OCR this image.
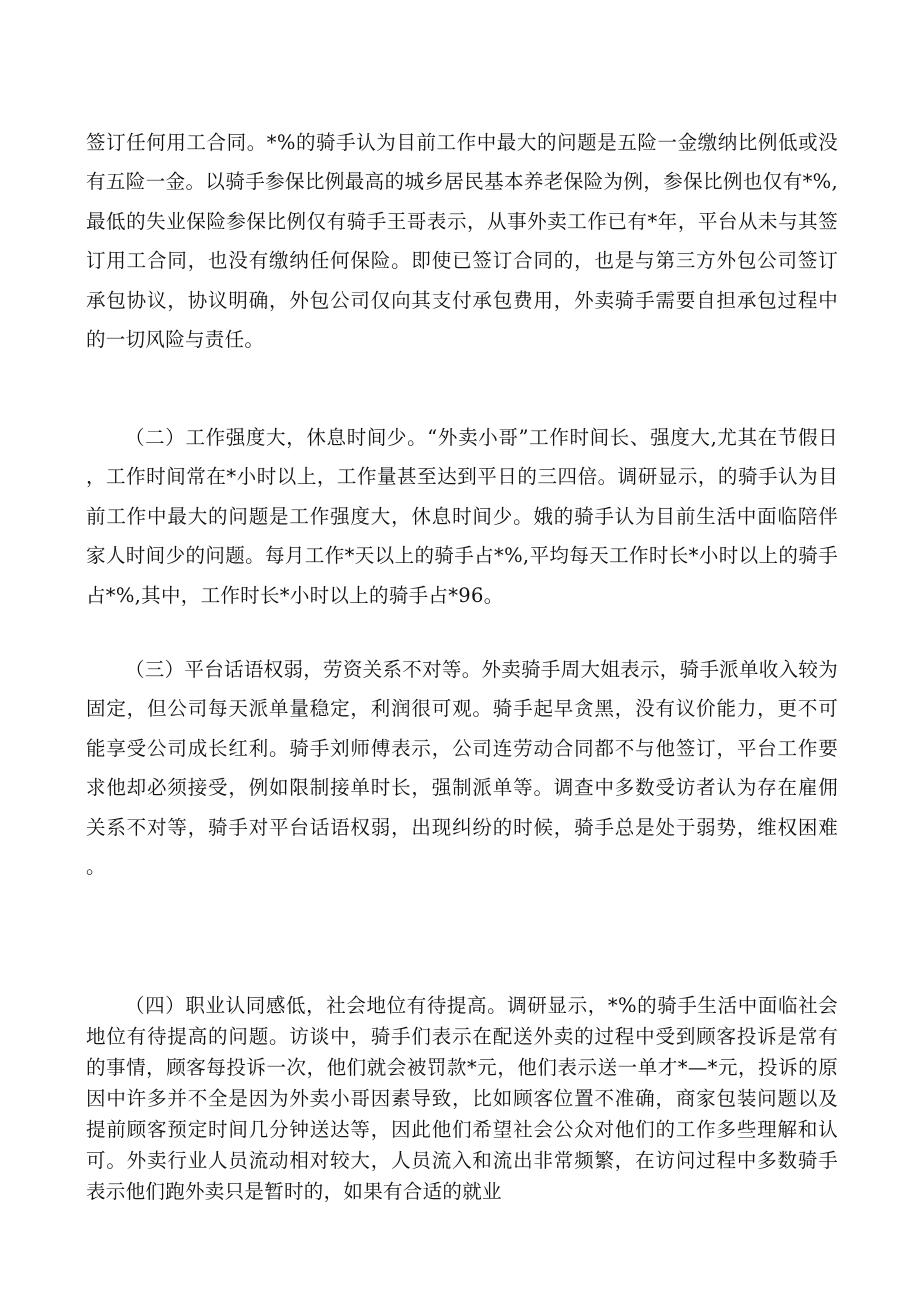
签订任何用工合同。*%的骑手认为目前工作中最大的问题是五险一金缴纳比例低或没有五险一金。以骑手参保比例最高的城乡居民基本养老保险为例，参保比例也仅有*%,最低的失业保险参保比例仅有骑手王哥表示，从事外卖工作已有*年，平台从未与其签订用工合同，也没有缴纳任何保险。即使已签订合同的，也是与第三方外包公司签订承包协议，协议明确，外包公司仅向其支付承包费用，外卖骑手需要自担承包过程中的一切风险与责任。

（二）工作强度大，休息时间少。“外卖小哥”工作时间长、强度大,尤其在节假日，工作时间常在*小时以上，工作量甚至达到平日的三四倍。调研显示，的骑手认为目前工作中最大的问题是工作强度大，休息时间少。娥的骑手认为目前生活中面临陪伴家人时间少的问题。每月工作*天以上的骑手占*%,平均每天工作时长*小时以上的骑手占*%,其中，工作时长*小时以上的骑手占*96。

（三）平台话语权弱，劳资关系不对等。外卖骑手周大姐表示，骑手派单收入较为固定，但公司每天派单量稳定，利润很可观。骑手起早贪黑，没有议价能力，更不可能享受公司成长红利。骑手刘师傅表示，公司连劳动合同都不与他签订，平台工作要求他却必须接受，例如限制接单时长，强制派单等。调查中多数受访者认为存在雇佣关系不对等，骑手对平台话语权弱，出现纠纷的时候，骑手总是处于弱势，维权困难。

（四）职业认同感低，社会地位有待提高。调研显示，*%的骑手生活中面临社会地位有待提高的问题。访谈中，骑手们表示在配送外卖的过程中受到顾客投诉是常有的事情，顾客每投诉一次，他们就会被罚款*元，他们表示送一单才*—*元，投诉的原因中许多并不全是因为外卖小哥因素导致，比如顾客位置不准确，商家包装问题以及提前顾客预定时间几分钟送达等，因此他们希望社会公众对他们的工作多些理解和认可。外卖行业人员流动相对较大，人员流入和流出非常频繁，在访问过程中多数骑手表示他们跑外卖只是暂时的，如果有合适的就业
